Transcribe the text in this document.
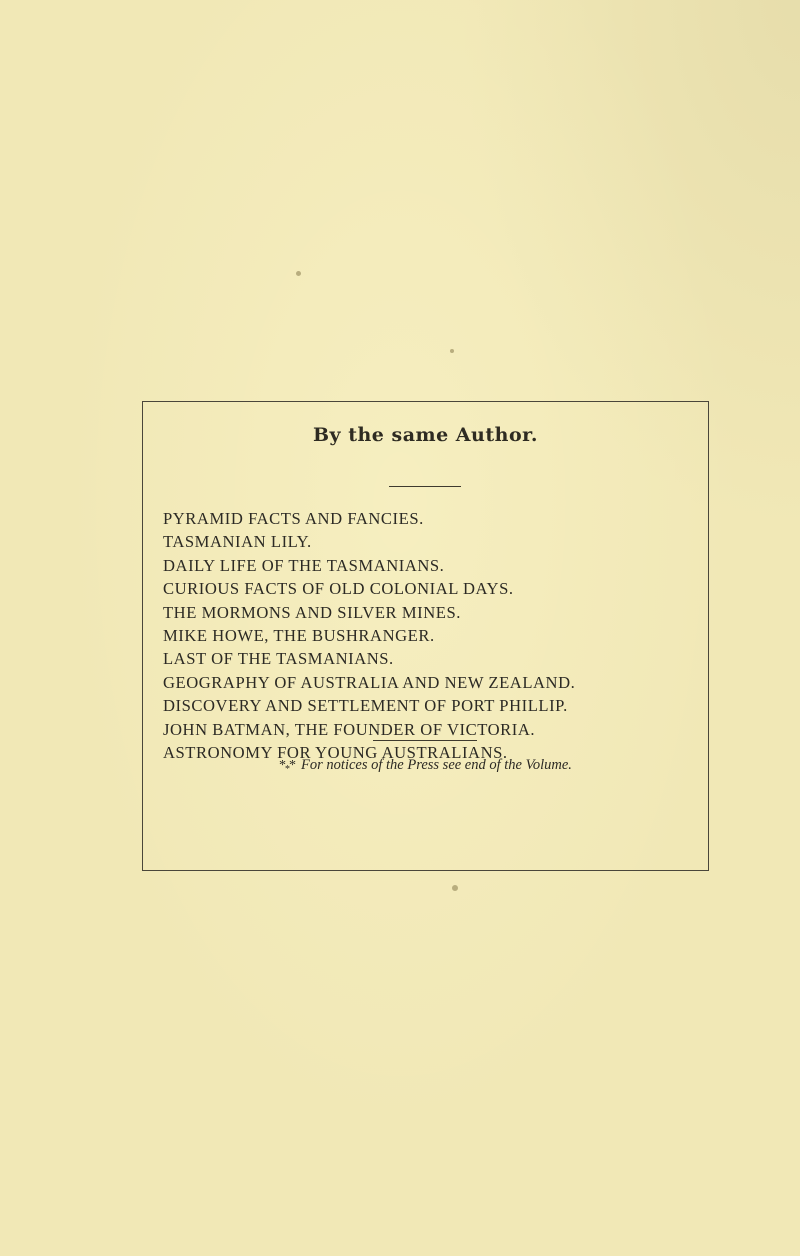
By the same Author.
PYRAMID FACTS AND FANCIES.
TASMANIAN LILY.
DAILY LIFE OF THE TASMANIANS.
CURIOUS FACTS OF OLD COLONIAL DAYS.
THE MORMONS AND SILVER MINES.
MIKE HOWE, THE BUSHRANGER.
LAST OF THE TASMANIANS.
GEOGRAPHY OF AUSTRALIA AND NEW ZEALAND.
DISCOVERY AND SETTLEMENT OF PORT PHILLIP.
JOHN BATMAN, THE FOUNDER OF VICTORIA.
ASTRONOMY FOR YOUNG AUSTRALIANS.
$*_**$ For notices of the Press see end of the Volume.
